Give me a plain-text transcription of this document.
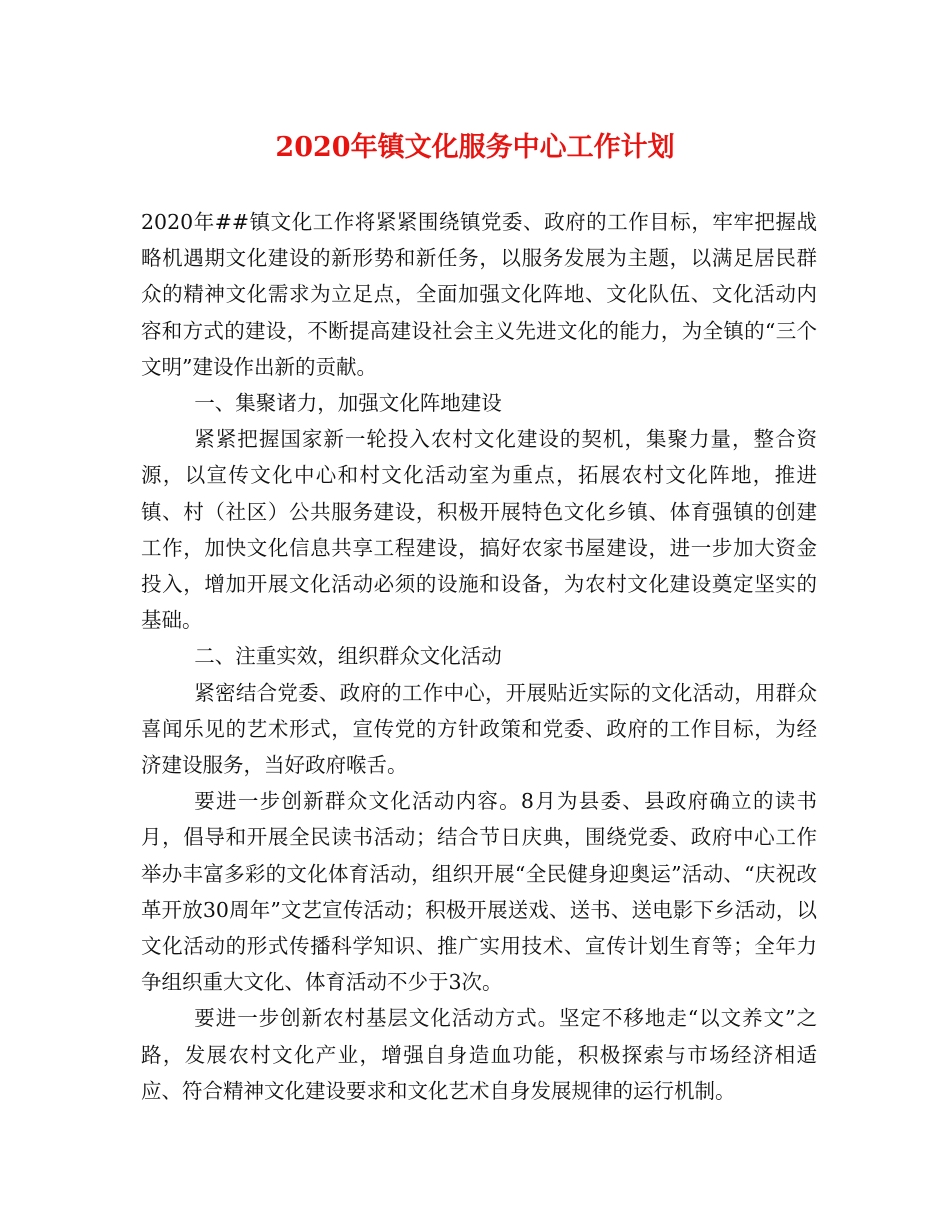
2020年镇文化服务中心工作计划

2020年##镇文化工作将紧紧围绕镇党委、政府的工作目标，牢牢把握战略机遇期文化建设的新形势和新任务，以服务发展为主题，以满足居民群众的精神文化需求为立足点，全面加强文化阵地、文化队伍、文化活动内容和方式的建设，不断提高建设社会主义先进文化的能力，为全镇的“三个文明”建设作出新的贡献。

一、集聚诸力，加强文化阵地建设

紧紧把握国家新一轮投入农村文化建设的契机，集聚力量，整合资源，以宣传文化中心和村文化活动室为重点，拓展农村文化阵地，推进镇、村（社区）公共服务建设，积极开展特色文化乡镇、体育强镇的创建工作，加快文化信息共享工程建设，搞好农家书屋建设，进一步加大资金投入，增加开展文化活动必须的设施和设备，为农村文化建设奠定坚实的基础。

二、注重实效，组织群众文化活动

紧密结合党委、政府的工作中心，开展贴近实际的文化活动，用群众喜闻乐见的艺术形式，宣传党的方针政策和党委、政府的工作目标，为经济建设服务，当好政府喉舌。

要进一步创新群众文化活动内容。8月为县委、县政府确立的读书月，倡导和开展全民读书活动；结合节日庆典，围绕党委、政府中心工作举办丰富多彩的文化体育活动，组织开展“全民健身迎奥运”活动、“庆祝改革开放30周年”文艺宣传活动；积极开展送戏、送书、送电影下乡活动，以文化活动的形式传播科学知识、推广实用技术、宣传计划生育等；全年力争组织重大文化、体育活动不少于3次。

要进一步创新农村基层文化活动方式。坚定不移地走“以文养文”之路，发展农村文化产业，增强自身造血功能，积极探索与市场经济相适应、符合精神文化建设要求和文化艺术自身发展规律的运行机制。
